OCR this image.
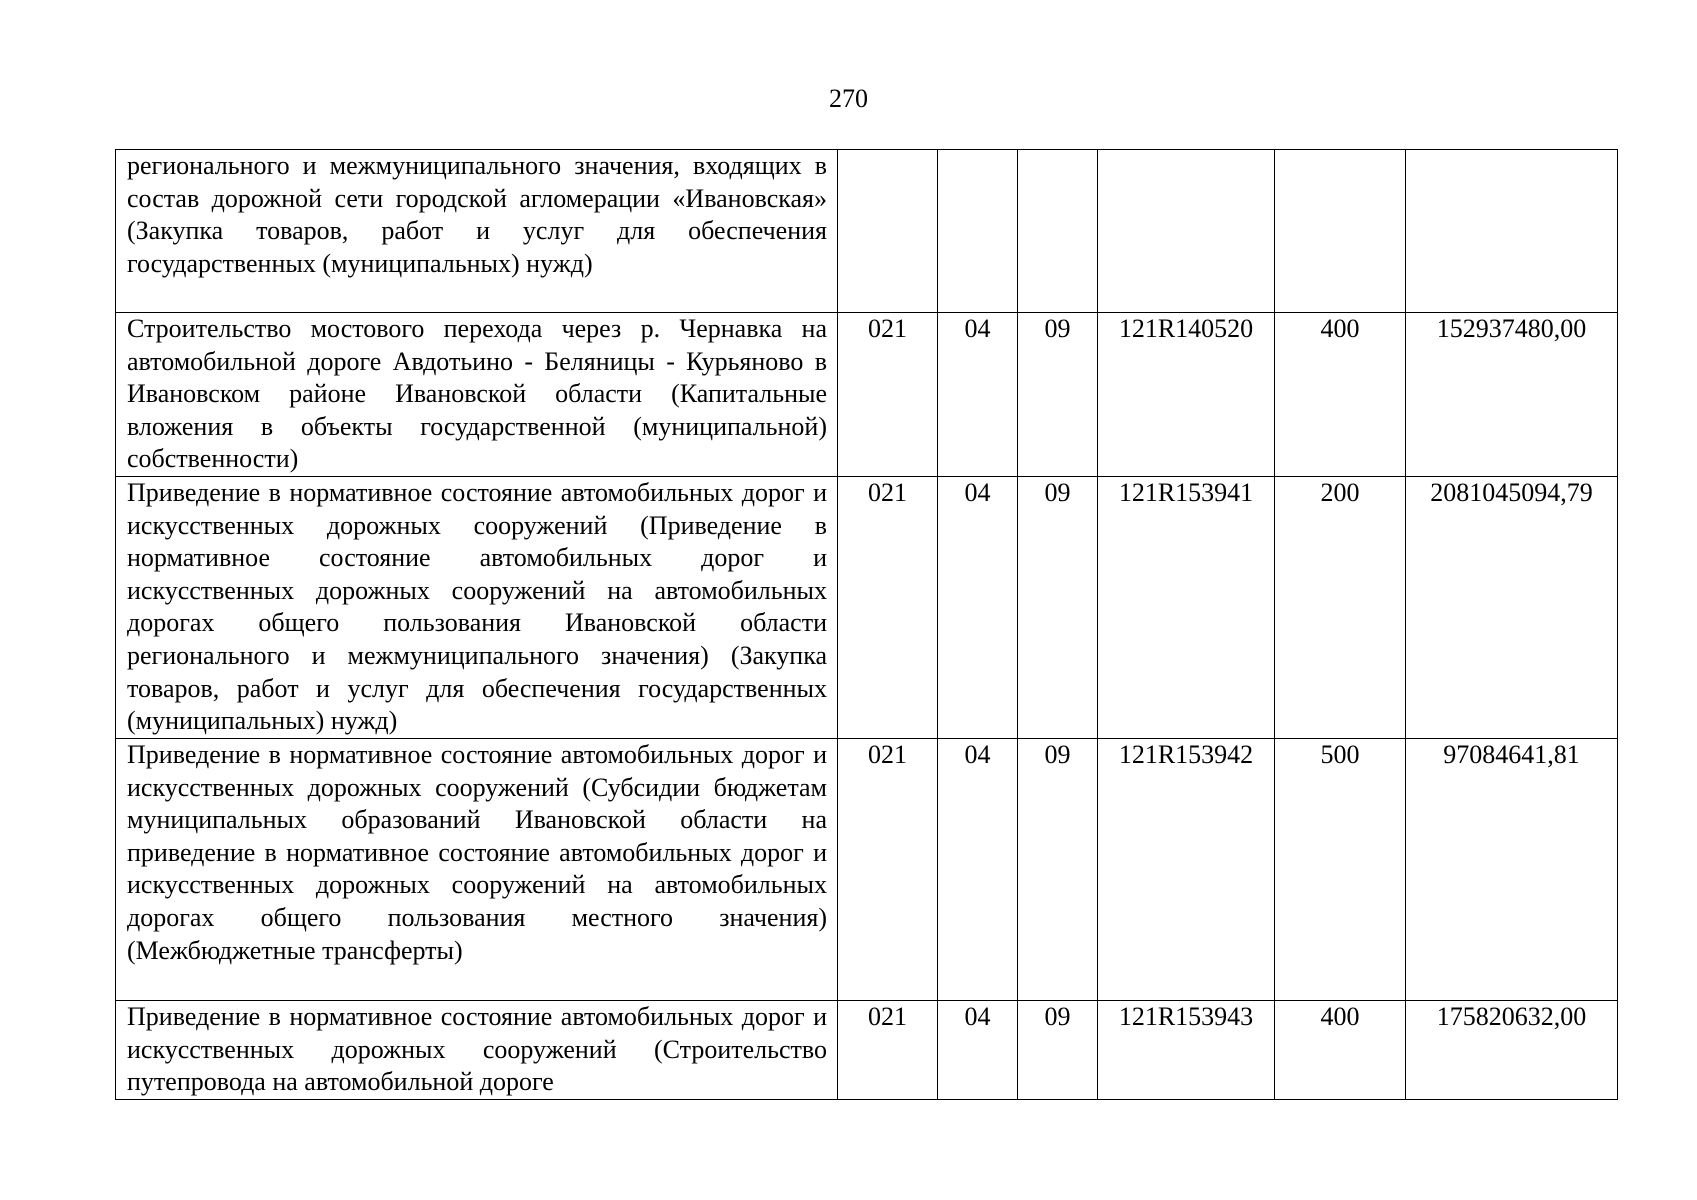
270
регионального и межмуниципального значения, входящих в состав дорожной сети городской агломерации «Ивановская» (Закупка товаров, работ и услуг для обеспечения государственных (муниципальных) нужд)						
Строительство мостового перехода через р. Чернавка на автомобильной дороге Авдотьино - Беляницы - Курьяново в Ивановском районе Ивановской области (Капитальные вложения в объекты государственной (муниципальной) собственности)	021	04	09	121R140520	400	152937480,00
Приведение в нормативное состояние автомобильных дорог и искусственных дорожных сооружений (Приведение в нормативное состояние автомобильных дорог и искусственных дорожных сооружений на автомобильных дорогах общего пользования Ивановской области регионального и межмуниципального значения) (Закупка товаров, работ и услуг для обеспечения государственных (муниципальных) нужд)	021	04	09	121R153941	200	2081045094,79
Приведение в нормативное состояние автомобильных дорог и искусственных дорожных сооружений (Субсидии бюджетам муниципальных образований Ивановской области на приведение в нормативное состояние автомобильных дорог и искусственных дорожных сооружений на автомобильных дорогах общего пользования местного значения) (Межбюджетные трансферты)	021	04	09	121R153942	500	97084641,81
Приведение в нормативное состояние автомобильных дорог и искусственных дорожных сооружений (Строительство путепровода на автомобильной дороге	021	04	09	121R153943	400	175820632,00
